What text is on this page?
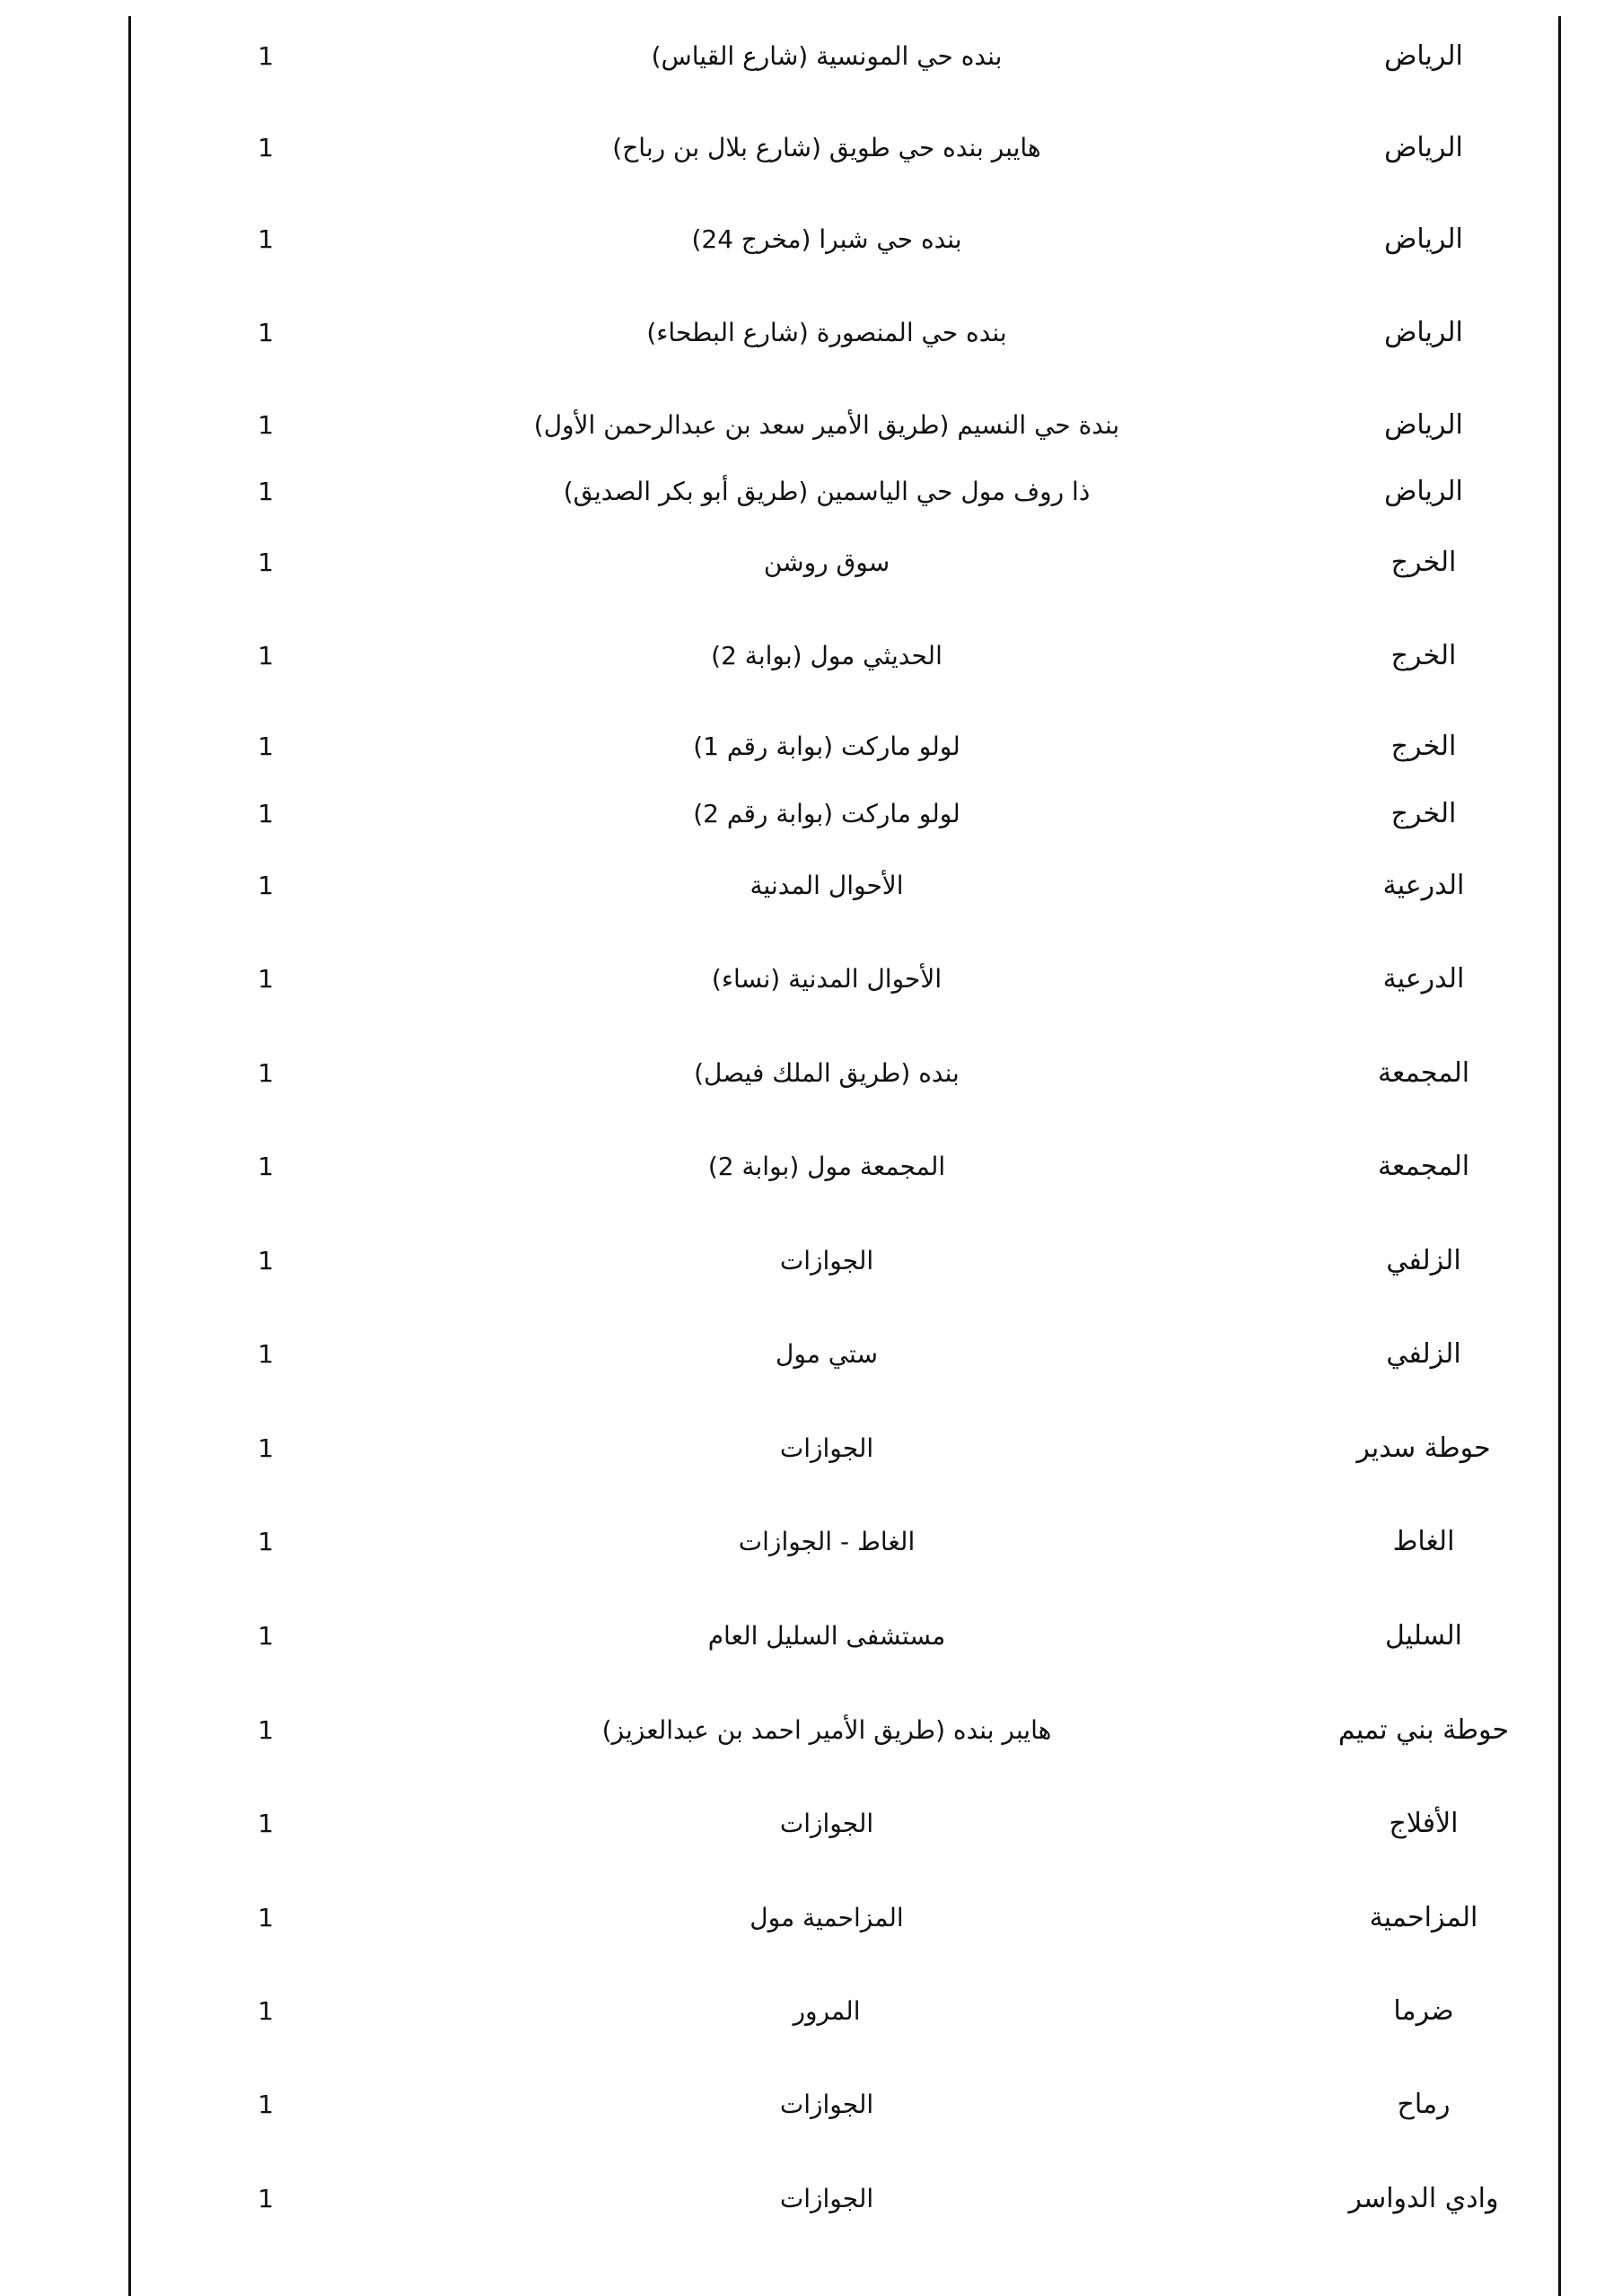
الرياض
بنده حي المونسية (شارع القياس)
1
الرياض
هايبر بنده حي طويق (شارع بلال بن رباح)
1
الرياض
بنده حي شبرا (مخرج 24)
1
الرياض
بنده حي المنصورة (شارع البطحاء)
1
الرياض
بندة حي النسيم (طريق الأمير سعد بن عبدالرحمن الأول)
1
الرياض
ذا روف مول حي الياسمين (طريق أبو بكر الصديق)
1
الخرج
سوق روشن
1
الخرج
الحديثي مول (بوابة 2)
1
الخرج
لولو ماركت (بوابة رقم 1)
1
الخرج
لولو ماركت (بوابة رقم 2)
1
الدرعية
الأحوال المدنية
1
الدرعية
الأحوال المدنية (نساء)
1
المجمعة
بنده (طريق الملك فيصل)
1
المجمعة
المجمعة مول (بوابة 2)
1
الزلفي
الجوازات
1
الزلفي
ستي مول
1
حوطة سدير
الجوازات
1
الغاط
الغاط - الجوازات
1
السليل
مستشفى السليل العام
1
حوطة بني تميم
هايبر بنده (طريق الأمير احمد بن عبدالعزيز)
1
الأفلاج
الجوازات
1
المزاحمية
المزاحمية مول
1
ضرما
المرور
1
رماح
الجوازات
1
وادي الدواسر
الجوازات
1
